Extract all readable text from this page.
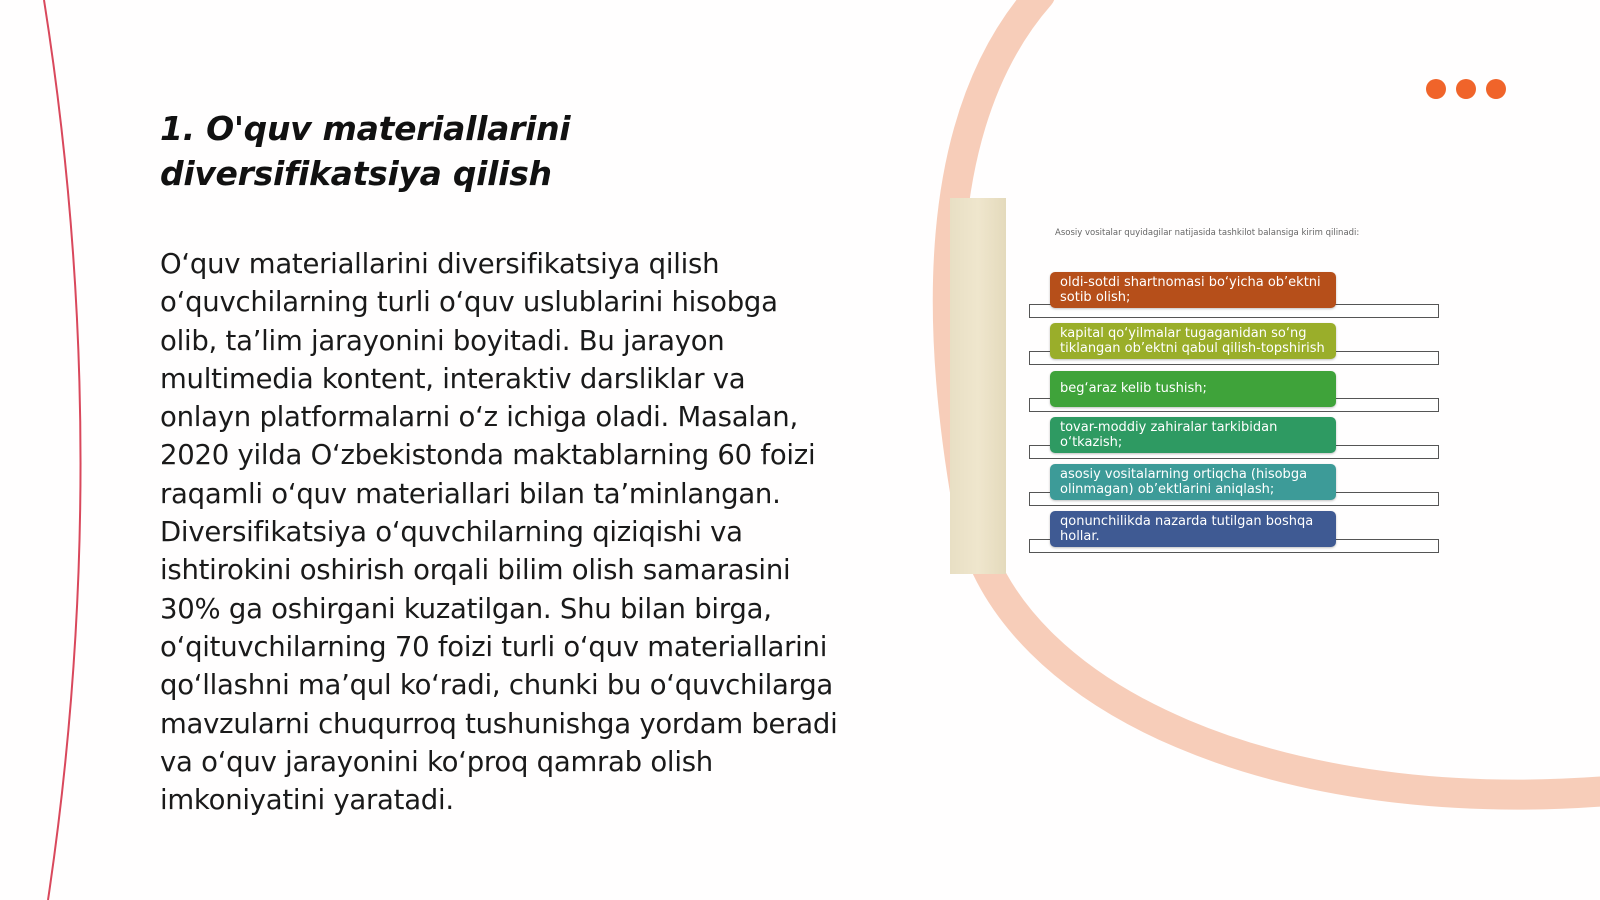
1. O'quv materiallarini diversifikatsiya qilish

O‘quv materiallarini diversifikatsiya qilish o‘quvchilarning turli o‘quv uslublarini hisobga olib, ta’lim jarayonini boyitadi. Bu jarayon multimedia kontent, interaktiv darsliklar va onlayn platformalarni o‘z ichiga oladi. Masalan, 2020 yilda O‘zbekistonda maktablarning 60 foizi raqamli o‘quv materiallari bilan ta’minlangan. Diversifikatsiya o‘quvchilarning qiziqishi va ishtirokini oshirish orqali bilim olish samarasini 30% ga oshirgani kuzatilgan. Shu bilan birga, o‘qituvchilarning 70 foizi turli o‘quv materiallarini qo‘llashni ma’qul ko‘radi, chunki bu o‘quvchilarga mavzularni chuqurroq tushunishga yordam beradi va o‘quv jarayonini ko‘proq qamrab olish imkoniyatini yaratadi.

Asosiy vositalar quyidagilar natijasida tashkilot balansiga kirim qilinadi:
oldi-sotdi shartnomasi bo‘yicha ob’ektni sotib olish;
kapital qo‘yilmalar tugaganidan so‘ng tiklangan ob’ektni qabul qilish-topshirish
beg‘araz kelib tushish;
tovar-moddiy zahiralar tarkibidan o‘tkazish;
asosiy vositalarning ortiqcha (hisobga olinmagan) ob’ektlarini aniqlash;
qonunchilikda nazarda tutilgan boshqa hollar.
